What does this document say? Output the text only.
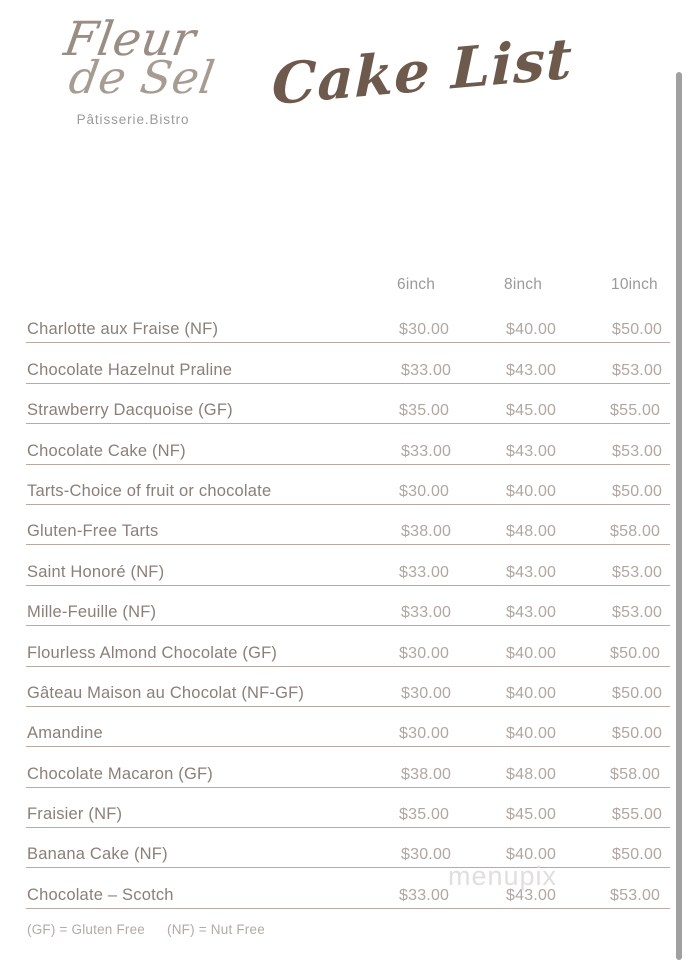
Fleur
de Sel
Pâtisserie.Bistro
Cake List
6inch	8inch	10inch
Charlotte aux Fraise (NF)	$30.00	$40.00	$50.00
Chocolate Hazelnut Praline	$33.00	$43.00	$53.00
Strawberry Dacquoise (GF)	$35.00	$45.00	$55.00
Chocolate Cake (NF)	$33.00	$43.00	$53.00
Tarts-Choice of fruit or chocolate	$30.00	$40.00	$50.00
Gluten-Free Tarts	$38.00	$48.00	$58.00
Saint Honoré (NF)	$33.00	$43.00	$53.00
Mille-Feuille (NF)	$33.00	$43.00	$53.00
Flourless Almond Chocolate (GF)	$30.00	$40.00	$50.00
Gâteau Maison au Chocolat (NF-GF)	$30.00	$40.00	$50.00
Amandine	$30.00	$40.00	$50.00
Chocolate Macaron (GF)	$38.00	$48.00	$58.00
Fraisier (NF)	$35.00	$45.00	$55.00
Banana Cake (NF)	$30.00	$40.00	$50.00
Chocolate – Scotch	$33.00	$43.00	$53.00
(GF) = Gluten Free (NF) = Nut Free
menupix
